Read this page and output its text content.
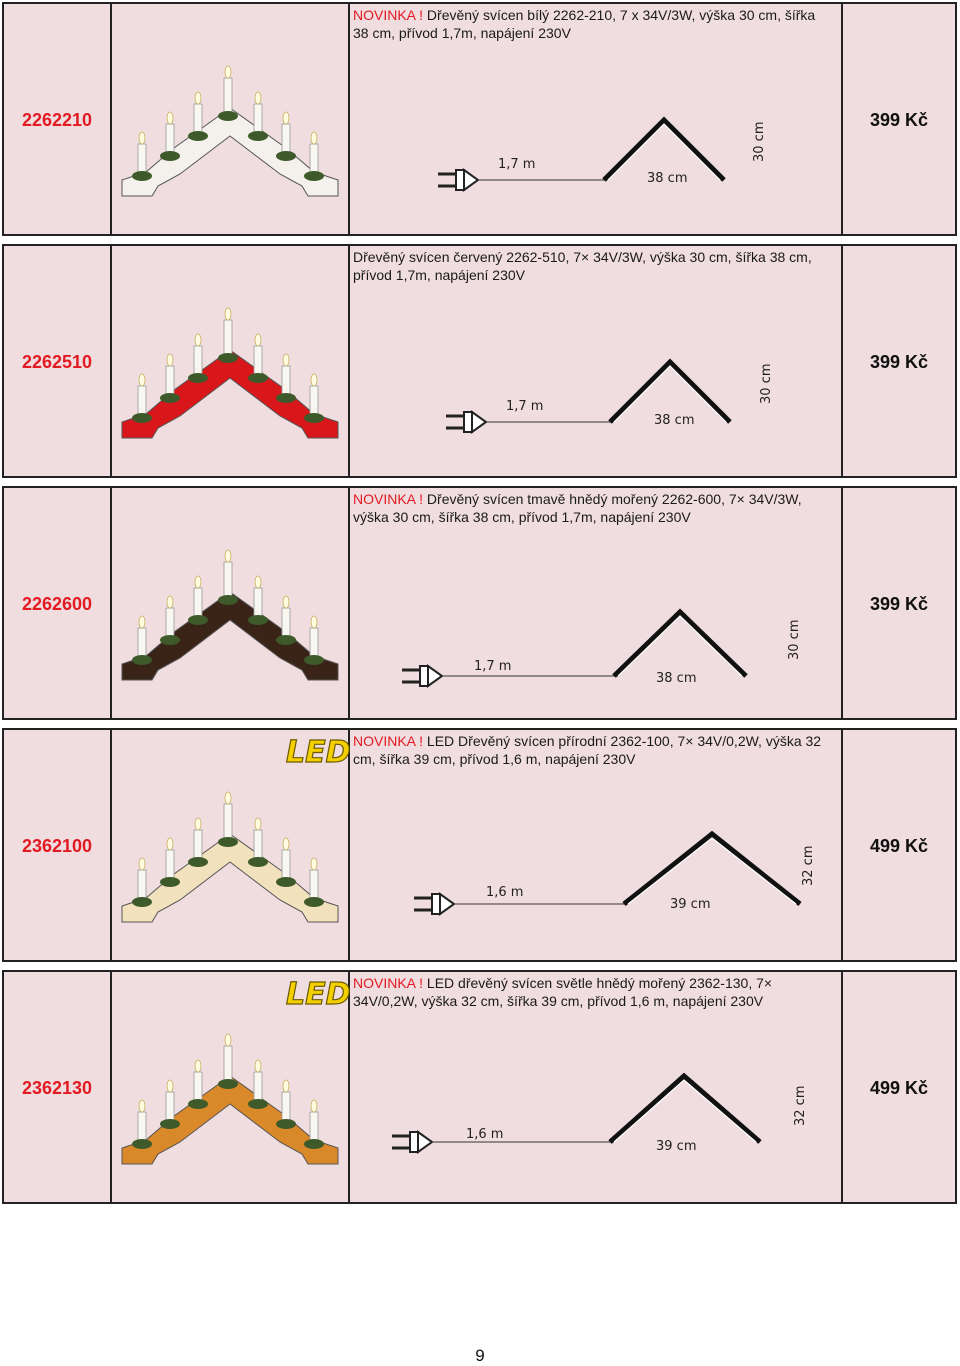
2262210
NOVINKA ! Dřevěný svícen bílý 2262-210, 7 x 34V/3W, výška 30 cm, šířka 38 cm, přívod 1,7m, napájení 230V
1,7 m
38 cm
30 cm
399 Kč
2262510
Dřevěný svícen červený 2262-510, 7× 34V/3W, výška 30 cm, šířka 38 cm, přívod 1,7m, napájení 230V
1,7 m
38 cm
30 cm
399 Kč
2262600
NOVINKA ! Dřevěný svícen tmavě hnědý mořený 2262-600, 7× 34V/3W, výška 30 cm, šířka 38 cm, přívod 1,7m, napájení 230V
1,7 m
38 cm
30 cm
399 Kč
2362100
LED NOVINKA ! LED Dřevěný svícen přírodní 2362-100, 7× 34V/0,2W, výška 32 cm, šířka 39 cm, přívod 1,6 m, napájení 230V
1,6 m
39 cm
32 cm	499 Kč
2362130
LED NOVINKA ! LED dřevěný svícen světle hnědý mořený 2362-130, 7× 34V/0,2W, výška 32 cm, šířka 39 cm, přívod 1,6 m, napájení 230V
1,6 m
39 cm
32 cm	499 Kč
9
